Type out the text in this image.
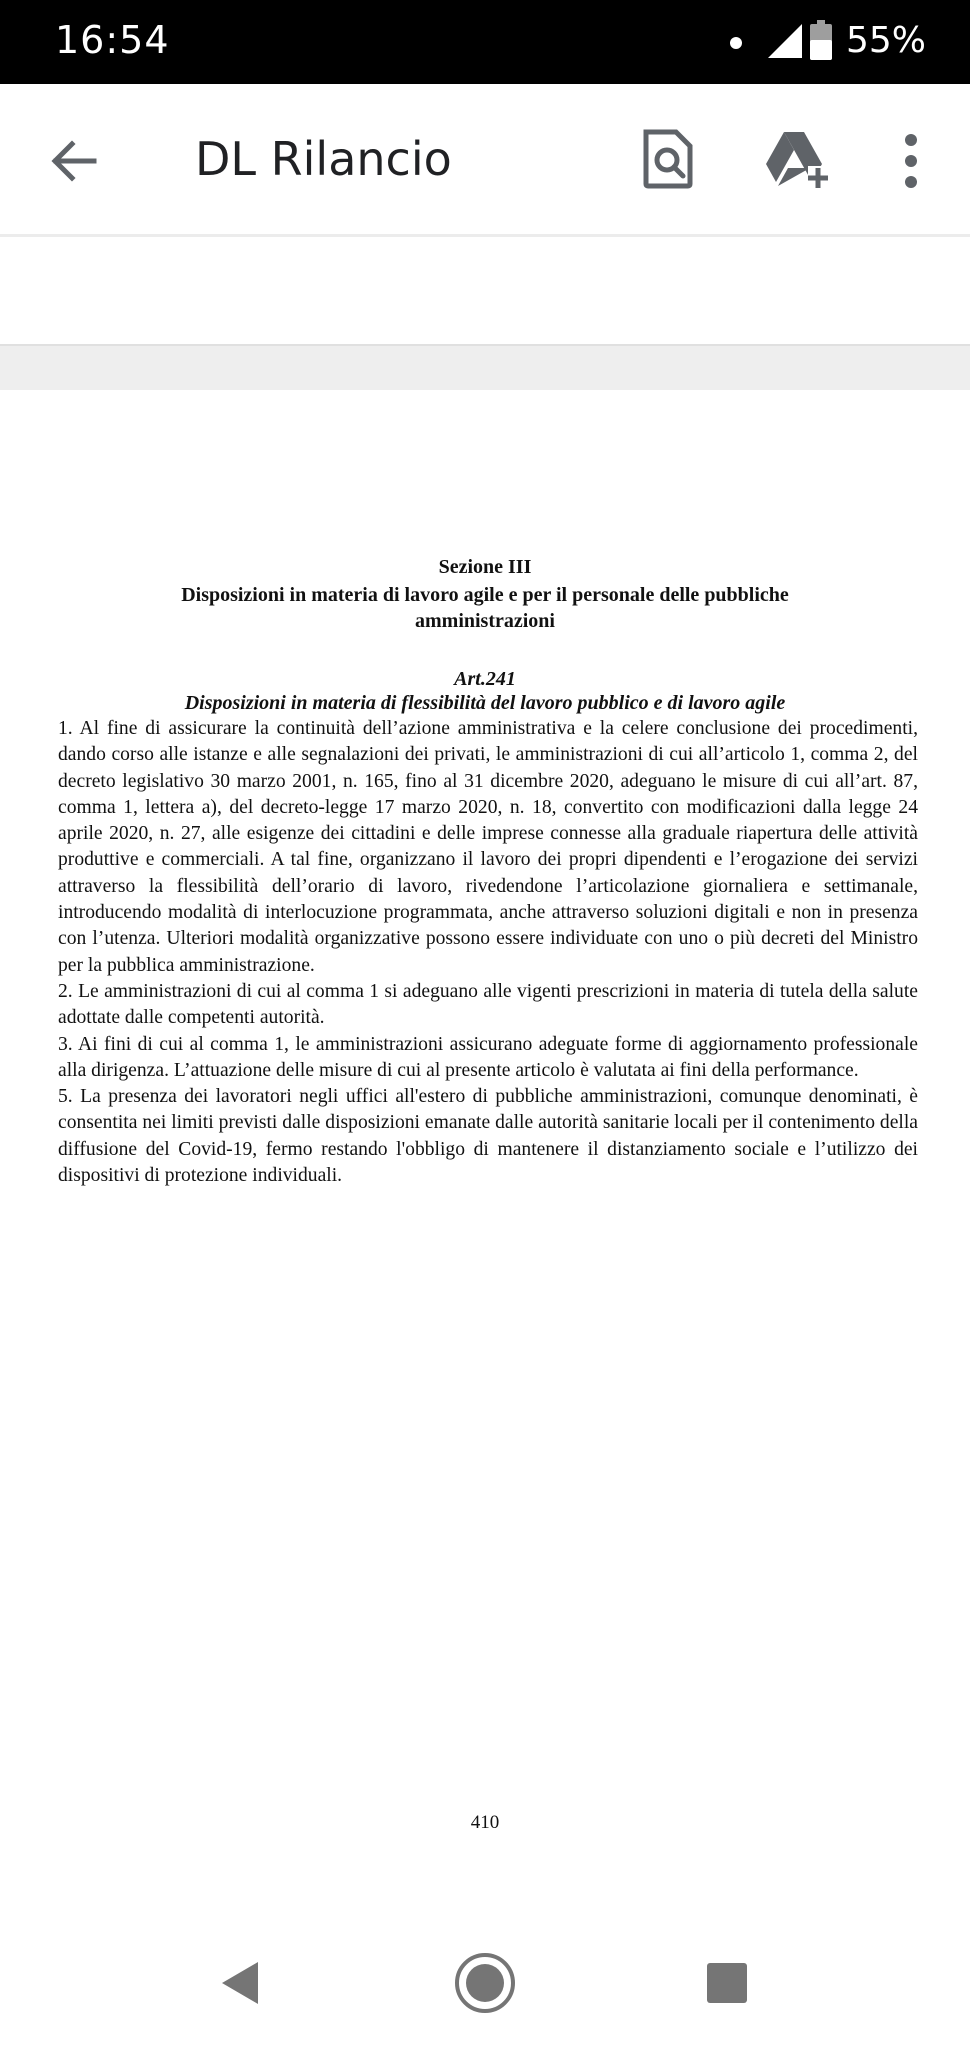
16:54	55%
DL Rilancio
Sezione III
Disposizioni in materia di lavoro agile e per il personale delle pubbliche amministrazioni
Art.241
Disposizioni in materia di flessibilità del lavoro pubblico e di lavoro agile

1. Al fine di assicurare la continuità dell’azione amministrativa e la celere conclusione dei procedimenti, dando corso alle istanze e alle segnalazioni dei privati, le amministrazioni di cui all’articolo 1, comma 2, del decreto legislativo 30 marzo 2001, n. 165, fino al 31 dicembre 2020, adeguano le misure di cui all’art. 87, comma 1, lettera a), del decreto-legge 17 marzo 2020, n. 18, convertito con modificazioni dalla legge 24 aprile 2020, n. 27, alle esigenze dei cittadini e delle imprese connesse alla graduale riapertura delle attività produttive e commerciali. A tal fine, organizzano il lavoro dei propri dipendenti e l’erogazione dei servizi attraverso la flessibilità dell’orario di lavoro, rivedendone l’articolazione giornaliera e settimanale, introducendo modalità di interlocuzione programmata, anche attraverso soluzioni digitali e non in presenza con l’utenza. Ulteriori modalità organizzative possono essere individuate con uno o più decreti del Ministro per la pubblica amministrazione.

2. Le amministrazioni di cui al comma 1 si adeguano alle vigenti prescrizioni in materia di tutela della salute adottate dalle competenti autorità.

3. Ai fini di cui al comma 1, le amministrazioni assicurano adeguate forme di aggiornamento professionale alla dirigenza. L’attuazione delle misure di cui al presente articolo è valutata ai fini della performance.

5. La presenza dei lavoratori negli uffici all'estero di pubbliche amministrazioni, comunque denominati, è consentita nei limiti previsti dalle disposizioni emanate dalle autorità sanitarie locali per il contenimento della diffusione del Covid-19, fermo restando l'obbligo di mantenere il distanziamento sociale e l’utilizzo dei dispositivi di protezione individuali.

410
